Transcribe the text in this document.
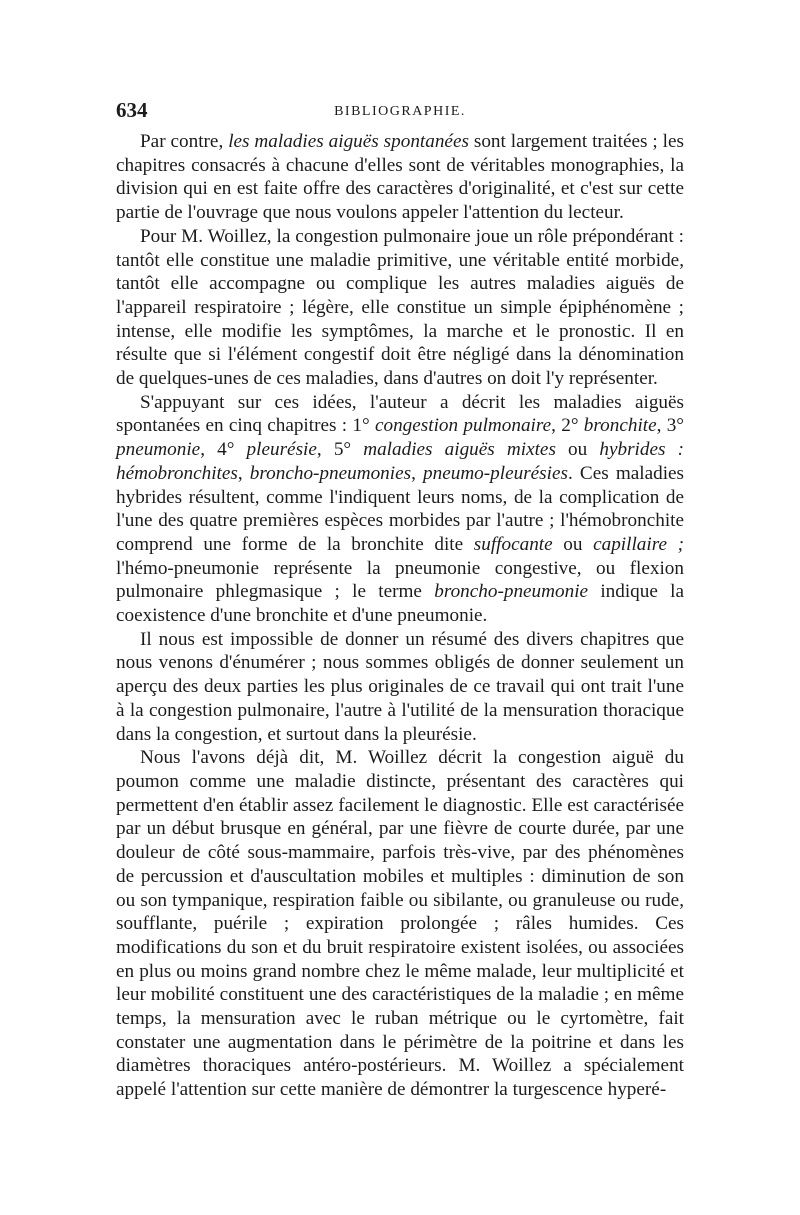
634	BIBLIOGRAPHIE.

Par contre, les maladies aiguës spontanées sont largement traitées ; les chapitres consacrés à chacune d'elles sont de véritables monographies, la division qui en est faite offre des caractères d'originalité, et c'est sur cette partie de l'ouvrage que nous voulons appeler l'attention du lecteur.

Pour M. Woillez, la congestion pulmonaire joue un rôle prépondérant : tantôt elle constitue une maladie primitive, une véritable entité morbide, tantôt elle accompagne ou complique les autres maladies aiguës de l'appareil respiratoire ; légère, elle constitue un simple épiphénomène ; intense, elle modifie les symptômes, la marche et le pronostic. Il en résulte que si l'élément congestif doit être négligé dans la dénomination de quelques-unes de ces maladies, dans d'autres on doit l'y représenter.

S'appuyant sur ces idées, l'auteur a décrit les maladies aiguës spontanées en cinq chapitres : 1° congestion pulmonaire, 2° bronchite, 3° pneumonie, 4° pleurésie, 5° maladies aiguës mixtes ou hybrides : hémobronchites, broncho-pneumonies, pneumo-pleurésies. Ces maladies hybrides résultent, comme l'indiquent leurs noms, de la complication de l'une des quatre premières espèces morbides par l'autre ; l'hémobronchite comprend une forme de la bronchite dite suffocante ou capillaire ; l'hémo-pneumonie représente la pneumonie congestive, ou flexion pulmonaire phlegmasique ; le terme broncho-pneumonie indique la coexistence d'une bronchite et d'une pneumonie.

Il nous est impossible de donner un résumé des divers chapitres que nous venons d'énumérer ; nous sommes obligés de donner seulement un aperçu des deux parties les plus originales de ce travail qui ont trait l'une à la congestion pulmonaire, l'autre à l'utilité de la mensuration thoracique dans la congestion, et surtout dans la pleurésie.

Nous l'avons déjà dit, M. Woillez décrit la congestion aiguë du poumon comme une maladie distincte, présentant des caractères qui permettent d'en établir assez facilement le diagnostic. Elle est caractérisée par un début brusque en général, par une fièvre de courte durée, par une douleur de côté sous-mammaire, parfois très-vive, par des phénomènes de percussion et d'auscultation mobiles et multiples : diminution de son ou son tympanique, respiration faible ou sibilante, ou granuleuse ou rude, soufflante, puérile ; expiration prolongée ; râles humides. Ces modifications du son et du bruit respiratoire existent isolées, ou associées en plus ou moins grand nombre chez le même malade, leur multiplicité et leur mobilité constituent une des caractéristiques de la maladie ; en même temps, la mensuration avec le ruban métrique ou le cyrtomètre, fait constater une augmentation dans le périmètre de la poitrine et dans les diamètres thoraciques antéro-postérieurs. M. Woillez a spécialement appelé l'attention sur cette manière de démontrer la turgescence hyperé-
